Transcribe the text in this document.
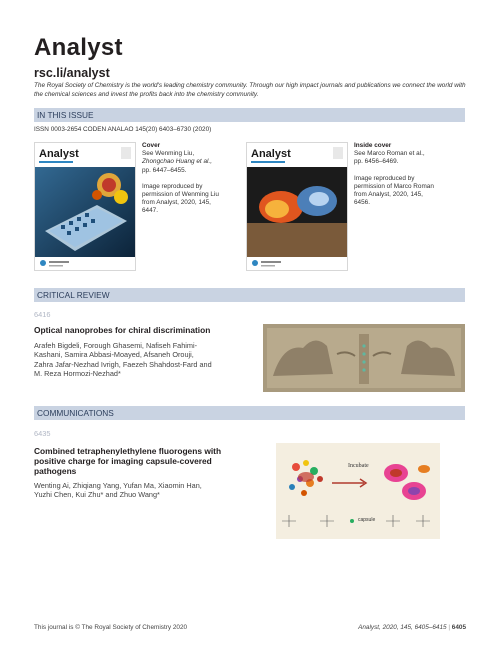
Analyst
rsc.li/analyst
The Royal Society of Chemistry is the world's leading chemistry community. Through our high impact journals and publications we connect the world with the chemical sciences and invest the profits back into the chemistry community.
IN THIS ISSUE
ISSN 0003-2654 CODEN ANALAO 145(20) 6403–6730 (2020)
Analyst
Cover
See Wenming Liu,
Zhongchao Huang et al.,
pp. 6447–6455.
Image reproduced by
permission of Wenming Liu
from Analyst, 2020, 145,
6447.
Analyst
Inside cover
See Marco Roman et al.,
pp. 6456–6469.
Image reproduced by
permission of Marco Roman
from Analyst, 2020, 145,
6456.
CRITICAL REVIEW
6416
Optical nanoprobes for chiral discrimination
Arafeh Bigdeli, Forough Ghasemi, Nafiseh Fahimi-
Kashani, Samira Abbasi-Moayed, Afsaneh Orouji,
Zahra Jafar-Nezhad Ivrigh, Faezeh Shahdost-Fard and
M. Reza Hormozi-Nezhad*
COMMUNICATIONS
6435
Combined tetraphenylethylene fluorogens with
positive charge for imaging capsule-covered
pathogens
Wenting Ai, Zhiqiang Yang, Yufan Ma, Xiaomin Han,
Yuzhi Chen, Kui Zhu* and Zhuo Wang*
Incubate
capsule
This journal is © The Royal Society of Chemistry 2020	Analyst, 2020, 145, 6405–6415 | 6405
